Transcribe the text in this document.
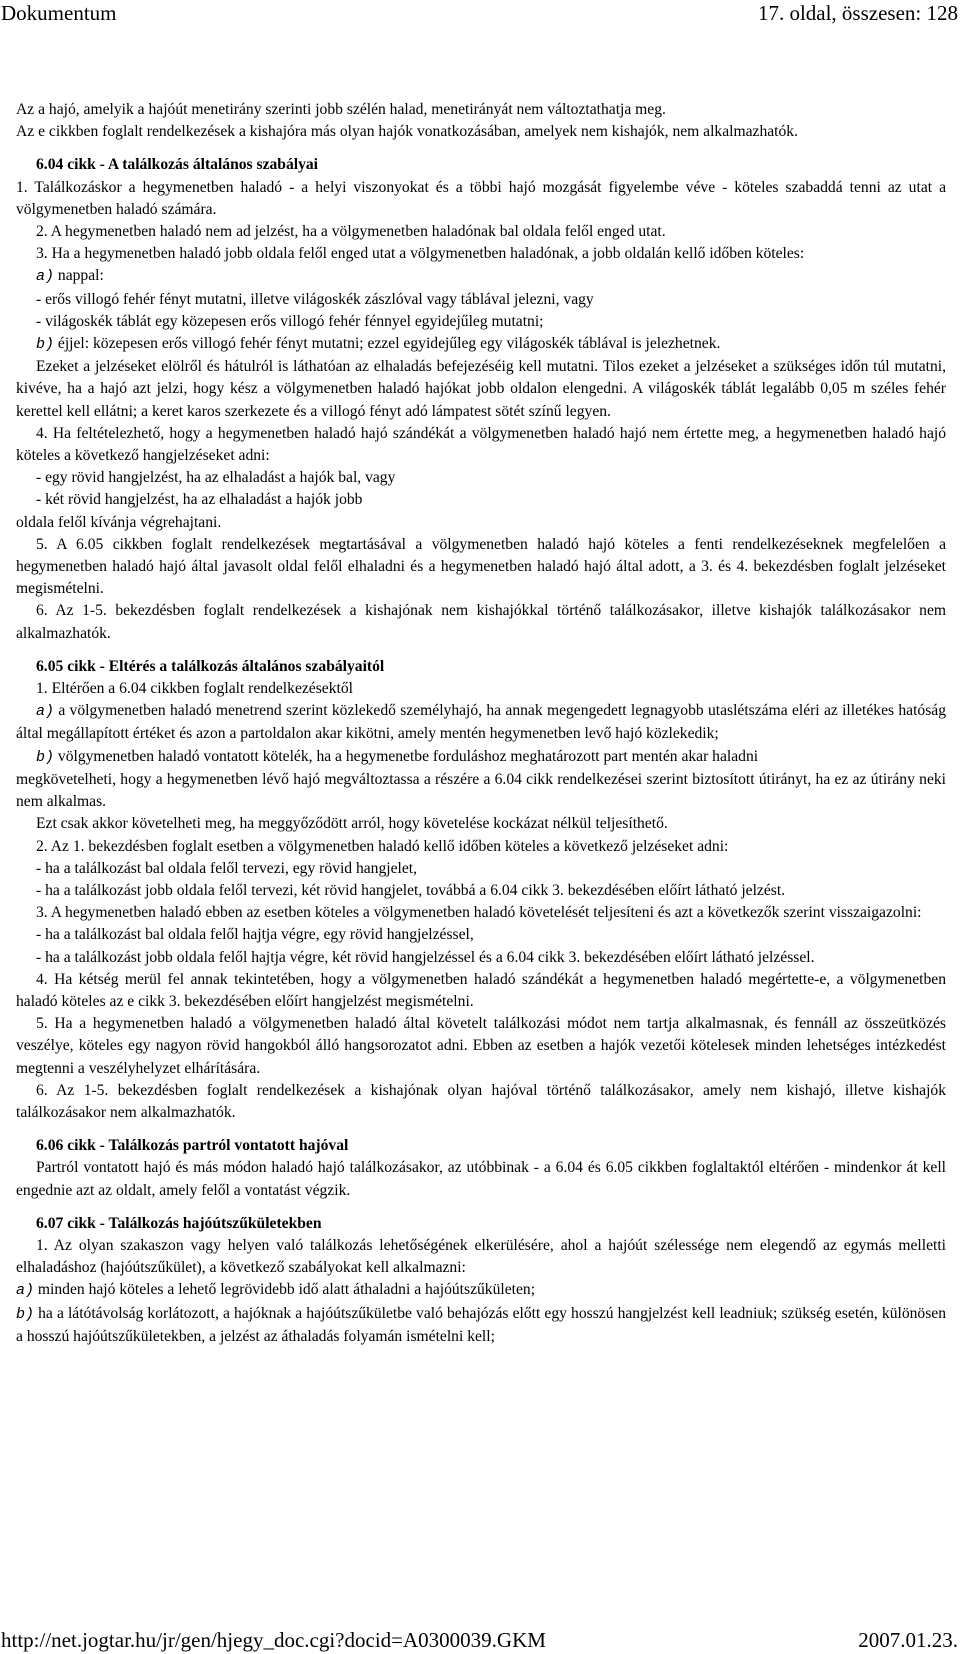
Dokumentum	17. oldal, összesen: 128

Az a hajó, amelyik a hajóút menetirány szerinti jobb szélén halad, menetirányát nem változtathatja meg.

Az e cikkben foglalt rendelkezések a kishajóra más olyan hajók vonatkozásában, amelyek nem kishajók, nem alkalmazhatók.

6.04 cikk - A találkozás általános szabályai

1. Találkozáskor a hegymenetben haladó - a helyi viszonyokat és a többi hajó mozgását figyelembe véve - köteles szabaddá tenni az utat a völgymenetben haladó számára.

2. A hegymenetben haladó nem ad jelzést, ha a völgymenetben haladónak bal oldala felől enged utat.

3. Ha a hegymenetben haladó jobb oldala felől enged utat a völgymenetben haladónak, a jobb oldalán kellő időben köteles:

a) nappal:

- erős villogó fehér fényt mutatni, illetve világoskék zászlóval vagy táblával jelezni, vagy

- világoskék táblát egy közepesen erős villogó fehér fénnyel egyidejűleg mutatni;

b) éjjel: közepesen erős villogó fehér fényt mutatni; ezzel egyidejűleg egy világoskék táblával is jelezhetnek.

Ezeket a jelzéseket elölről és hátulról is láthatóan az elhaladás befejezéséig kell mutatni. Tilos ezeket a jelzéseket a szükséges időn túl mutatni, kivéve, ha a hajó azt jelzi, hogy kész a völgymenetben haladó hajókat jobb oldalon elengedni. A világoskék táblát legalább 0,05 m széles fehér kerettel kell ellátni; a keret karos szerkezete és a villogó fényt adó lámpatest sötét színű legyen.

4. Ha feltételezhető, hogy a hegymenetben haladó hajó szándékát a völgymenetben haladó hajó nem értette meg, a hegymenetben haladó hajó köteles a következő hangjelzéseket adni:

- egy rövid hangjelzést, ha az elhaladást a hajók bal, vagy

- két rövid hangjelzést, ha az elhaladást a hajók jobb

oldala felől kívánja végrehajtani.

5. A 6.05 cikkben foglalt rendelkezések megtartásával a völgymenetben haladó hajó köteles a fenti rendelkezéseknek megfelelően a hegymenetben haladó hajó által javasolt oldal felől elhaladni és a hegymenetben haladó hajó által adott, a 3. és 4. bekezdésben foglalt jelzéseket megismételni.

6. Az 1-5. bekezdésben foglalt rendelkezések a kishajónak nem kishajókkal történő találkozásakor, illetve kishajók találkozásakor nem alkalmazhatók.

6.05 cikk - Eltérés a találkozás általános szabályaitól

1. Eltérően a 6.04 cikkben foglalt rendelkezésektől

a) a völgymenetben haladó menetrend szerint közlekedő személyhajó, ha annak megengedett legnagyobb utaslétszáma eléri az illetékes hatóság által megállapított értéket és azon a partoldalon akar kikötni, amely mentén hegymenetben levő hajó közlekedik;

b) völgymenetben haladó vontatott kötelék, ha a hegymenetbe forduláshoz meghatározott part mentén akar haladni

megkövetelheti, hogy a hegymenetben lévő hajó megváltoztassa a részére a 6.04 cikk rendelkezései szerint biztosított útirányt, ha ez az útirány neki nem alkalmas.

Ezt csak akkor követelheti meg, ha meggyőződött arról, hogy követelése kockázat nélkül teljesíthető.

2. Az 1. bekezdésben foglalt esetben a völgymenetben haladó kellő időben köteles a következő jelzéseket adni:

- ha a találkozást bal oldala felől tervezi, egy rövid hangjelet,

- ha a találkozást jobb oldala felől tervezi, két rövid hangjelet, továbbá a 6.04 cikk 3. bekezdésében előírt látható jelzést.

3. A hegymenetben haladó ebben az esetben köteles a völgymenetben haladó követelését teljesíteni és azt a következők szerint visszaigazolni:

- ha a találkozást bal oldala felől hajtja végre, egy rövid hangjelzéssel,

- ha a találkozást jobb oldala felől hajtja végre, két rövid hangjelzéssel és a 6.04 cikk 3. bekezdésében előírt látható jelzéssel.

4. Ha kétség merül fel annak tekintetében, hogy a völgymenetben haladó szándékát a hegymenetben haladó megértette-e, a völgymenetben haladó köteles az e cikk 3. bekezdésében előírt hangjelzést megismételni.

5. Ha a hegymenetben haladó a völgymenetben haladó által követelt találkozási módot nem tartja alkalmasnak, és fennáll az összeütközés veszélye, köteles egy nagyon rövid hangokból álló hangsorozatot adni. Ebben az esetben a hajók vezetői kötelesek minden lehetséges intézkedést megtenni a veszélyhelyzet elhárítására.

6. Az 1-5. bekezdésben foglalt rendelkezések a kishajónak olyan hajóval történő találkozásakor, amely nem kishajó, illetve kishajók találkozásakor nem alkalmazhatók.

6.06 cikk - Találkozás partról vontatott hajóval

Partról vontatott hajó és más módon haladó hajó találkozásakor, az utóbbinak - a 6.04 és 6.05 cikkben foglaltaktól eltérően - mindenkor át kell engednie azt az oldalt, amely felől a vontatást végzik.

6.07 cikk - Találkozás hajóútszűkületekben

1. Az olyan szakaszon vagy helyen való találkozás lehetőségének elkerülésére, ahol a hajóút szélessége nem elegendő az egymás melletti elhaladáshoz (hajóútszűkület), a következő szabályokat kell alkalmazni:

a) minden hajó köteles a lehető legrövidebb idő alatt áthaladni a hajóútszűkületen;

b) ha a látótávolság korlátozott, a hajóknak a hajóútszűkületbe való behajózás előtt egy hosszú hangjelzést kell leadniuk; szükség esetén, különösen a hosszú hajóútszűkületekben, a jelzést az áthaladás folyamán ismételni kell;

http://net.jogtar.hu/jr/gen/hjegy_doc.cgi?docid=A0300039.GKM	2007.01.23.
